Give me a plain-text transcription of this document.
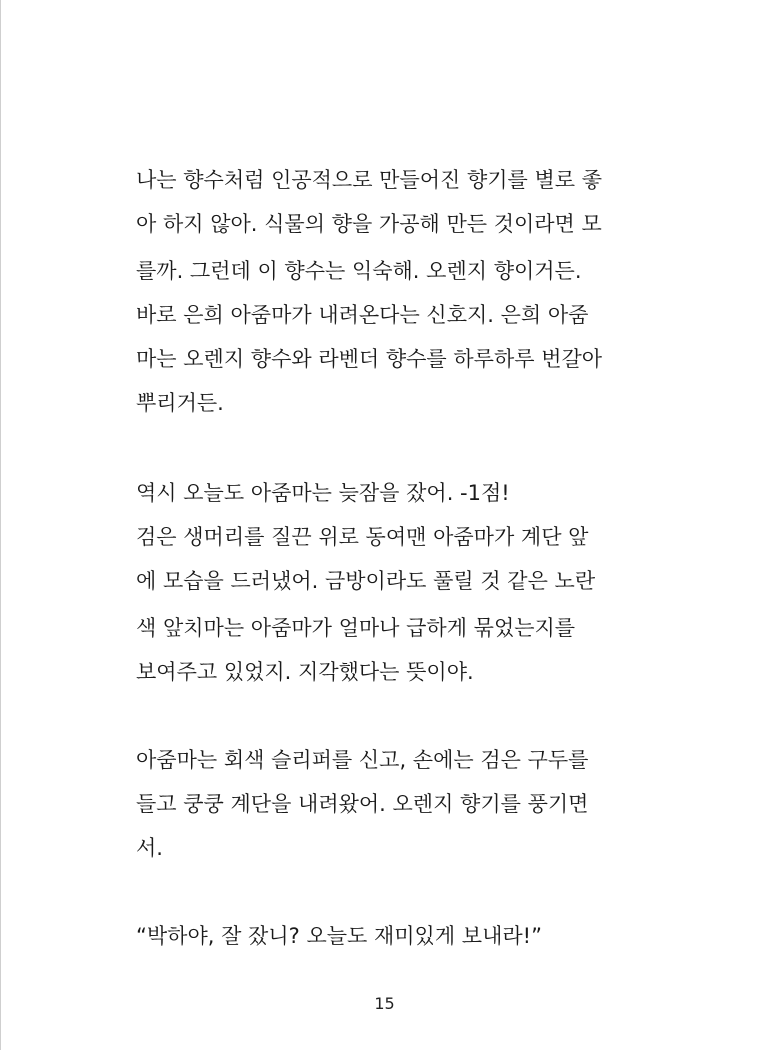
나는 향수처럼 인공적으로 만들어진 향기를 별로 좋
아 하지 않아. 식물의 향을 가공해 만든 것이라면 모
를까. 그런데 이 향수는 익숙해. 오렌지 향이거든.
바로 은희 아줌마가 내려온다는 신호지. 은희 아줌
마는 오렌지 향수와 라벤더 향수를 하루하루 번갈아
뿌리거든.
역시 오늘도 아줌마는 늦잠을 잤어. -1점!
검은 생머리를 질끈 위로 동여맨 아줌마가 계단 앞
에 모습을 드러냈어. 금방이라도 풀릴 것 같은 노란
색 앞치마는 아줌마가 얼마나 급하게 묶었는지를
보여주고 있었지. 지각했다는 뜻이야.
아줌마는 회색 슬리퍼를 신고, 손에는 검은 구두를
들고 쿵쿵 계단을 내려왔어. 오렌지 향기를 풍기면
서.
“박하야, 잘 잤니? 오늘도 재미있게 보내라!”
15
